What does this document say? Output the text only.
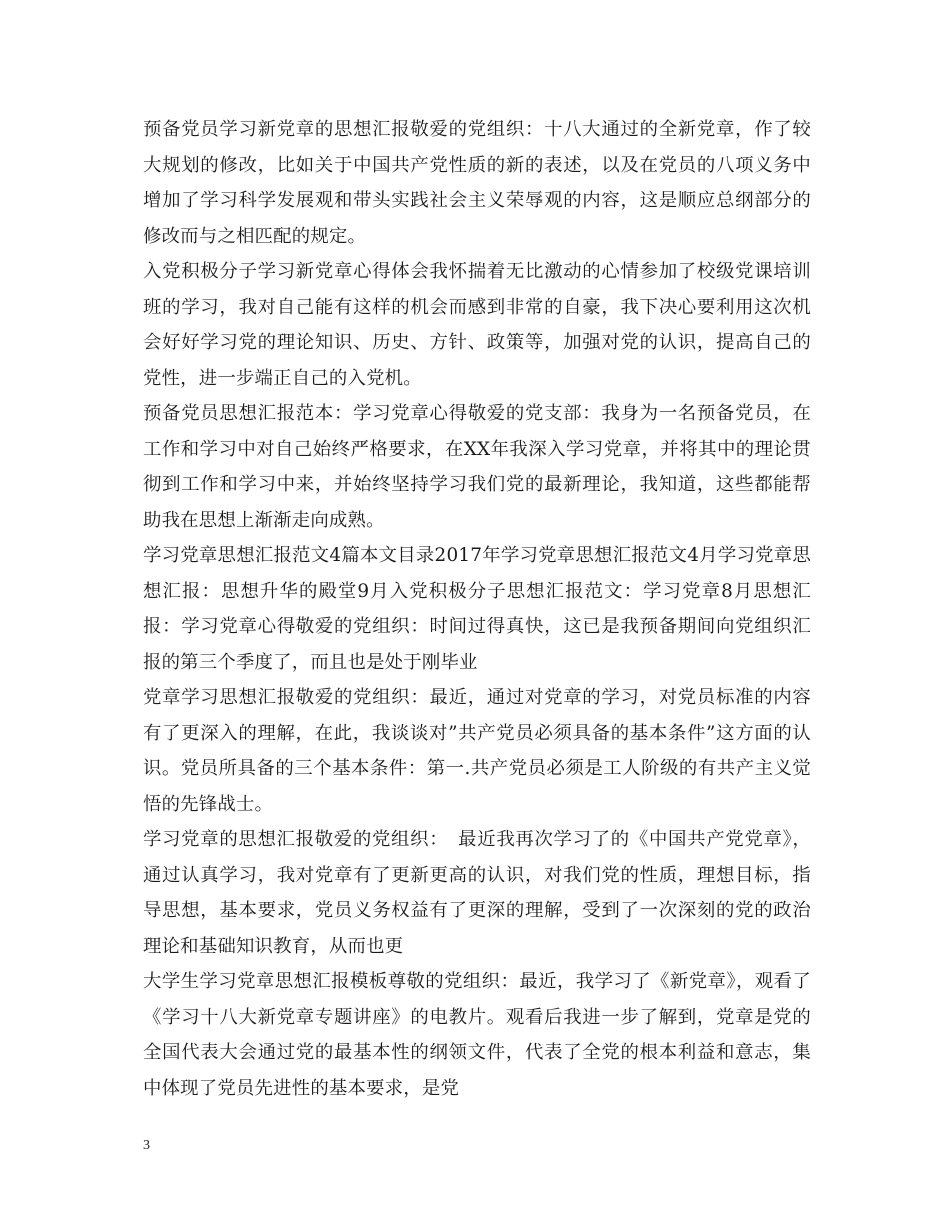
预备党员学习新党章的思想汇报敬爱的党组织：十八大通过的全新党章，作了较大规划的修改，比如关于中国共产党性质的新的表述，以及在党员的八项义务中增加了学习科学发展观和带头实践社会主义荣辱观的内容，这是顺应总纲部分的修改而与之相匹配的规定。

入党积极分子学习新党章心得体会我怀揣着无比激动的心情参加了校级党课培训班的学习，我对自己能有这样的机会而感到非常的自豪，我下决心要利用这次机会好好学习党的理论知识、历史、方针、政策等，加强对党的认识，提高自己的党性，进一步端正自己的入党机。

预备党员思想汇报范本：学习党章心得敬爱的党支部：我身为一名预备党员，在工作和学习中对自己始终严格要求，在XX年我深入学习党章，并将其中的理论贯彻到工作和学习中来，并始终坚持学习我们党的最新理论，我知道，这些都能帮助我在思想上渐渐走向成熟。

学习党章思想汇报范文4篇本文目录2017年学习党章思想汇报范文4月学习党章思想汇报：思想升华的殿堂9月入党积极分子思想汇报范文：学习党章8月思想汇报：学习党章心得敬爱的党组织：时间过得真快，这已是我预备期间向党组织汇报的第三个季度了，而且也是处于刚毕业

党章学习思想汇报敬爱的党组织：最近，通过对党章的学习，对党员标准的内容有了更深入的理解，在此，我谈谈对”共产党员必须具备的基本条件”这方面的认识。党员所具备的三个基本条件：第一.共产党员必须是工人阶级的有共产主义觉悟的先锋战士。

学习党章的思想汇报敬爱的党组织：　最近我再次学习了的《中国共产党党章》，通过认真学习，我对党章有了更新更高的认识，对我们党的性质，理想目标，指导思想，基本要求，党员义务权益有了更深的理解，受到了一次深刻的党的政治理论和基础知识教育，从而也更

大学生学习党章思想汇报模板尊敬的党组织：最近，我学习了《新党章》，观看了《学习十八大新党章专题讲座》的电教片。观看后我进一步了解到，党章是党的全国代表大会通过党的最基本性的纲领文件，代表了全党的根本利益和意志，集中体现了党员先进性的基本要求，是党

3
